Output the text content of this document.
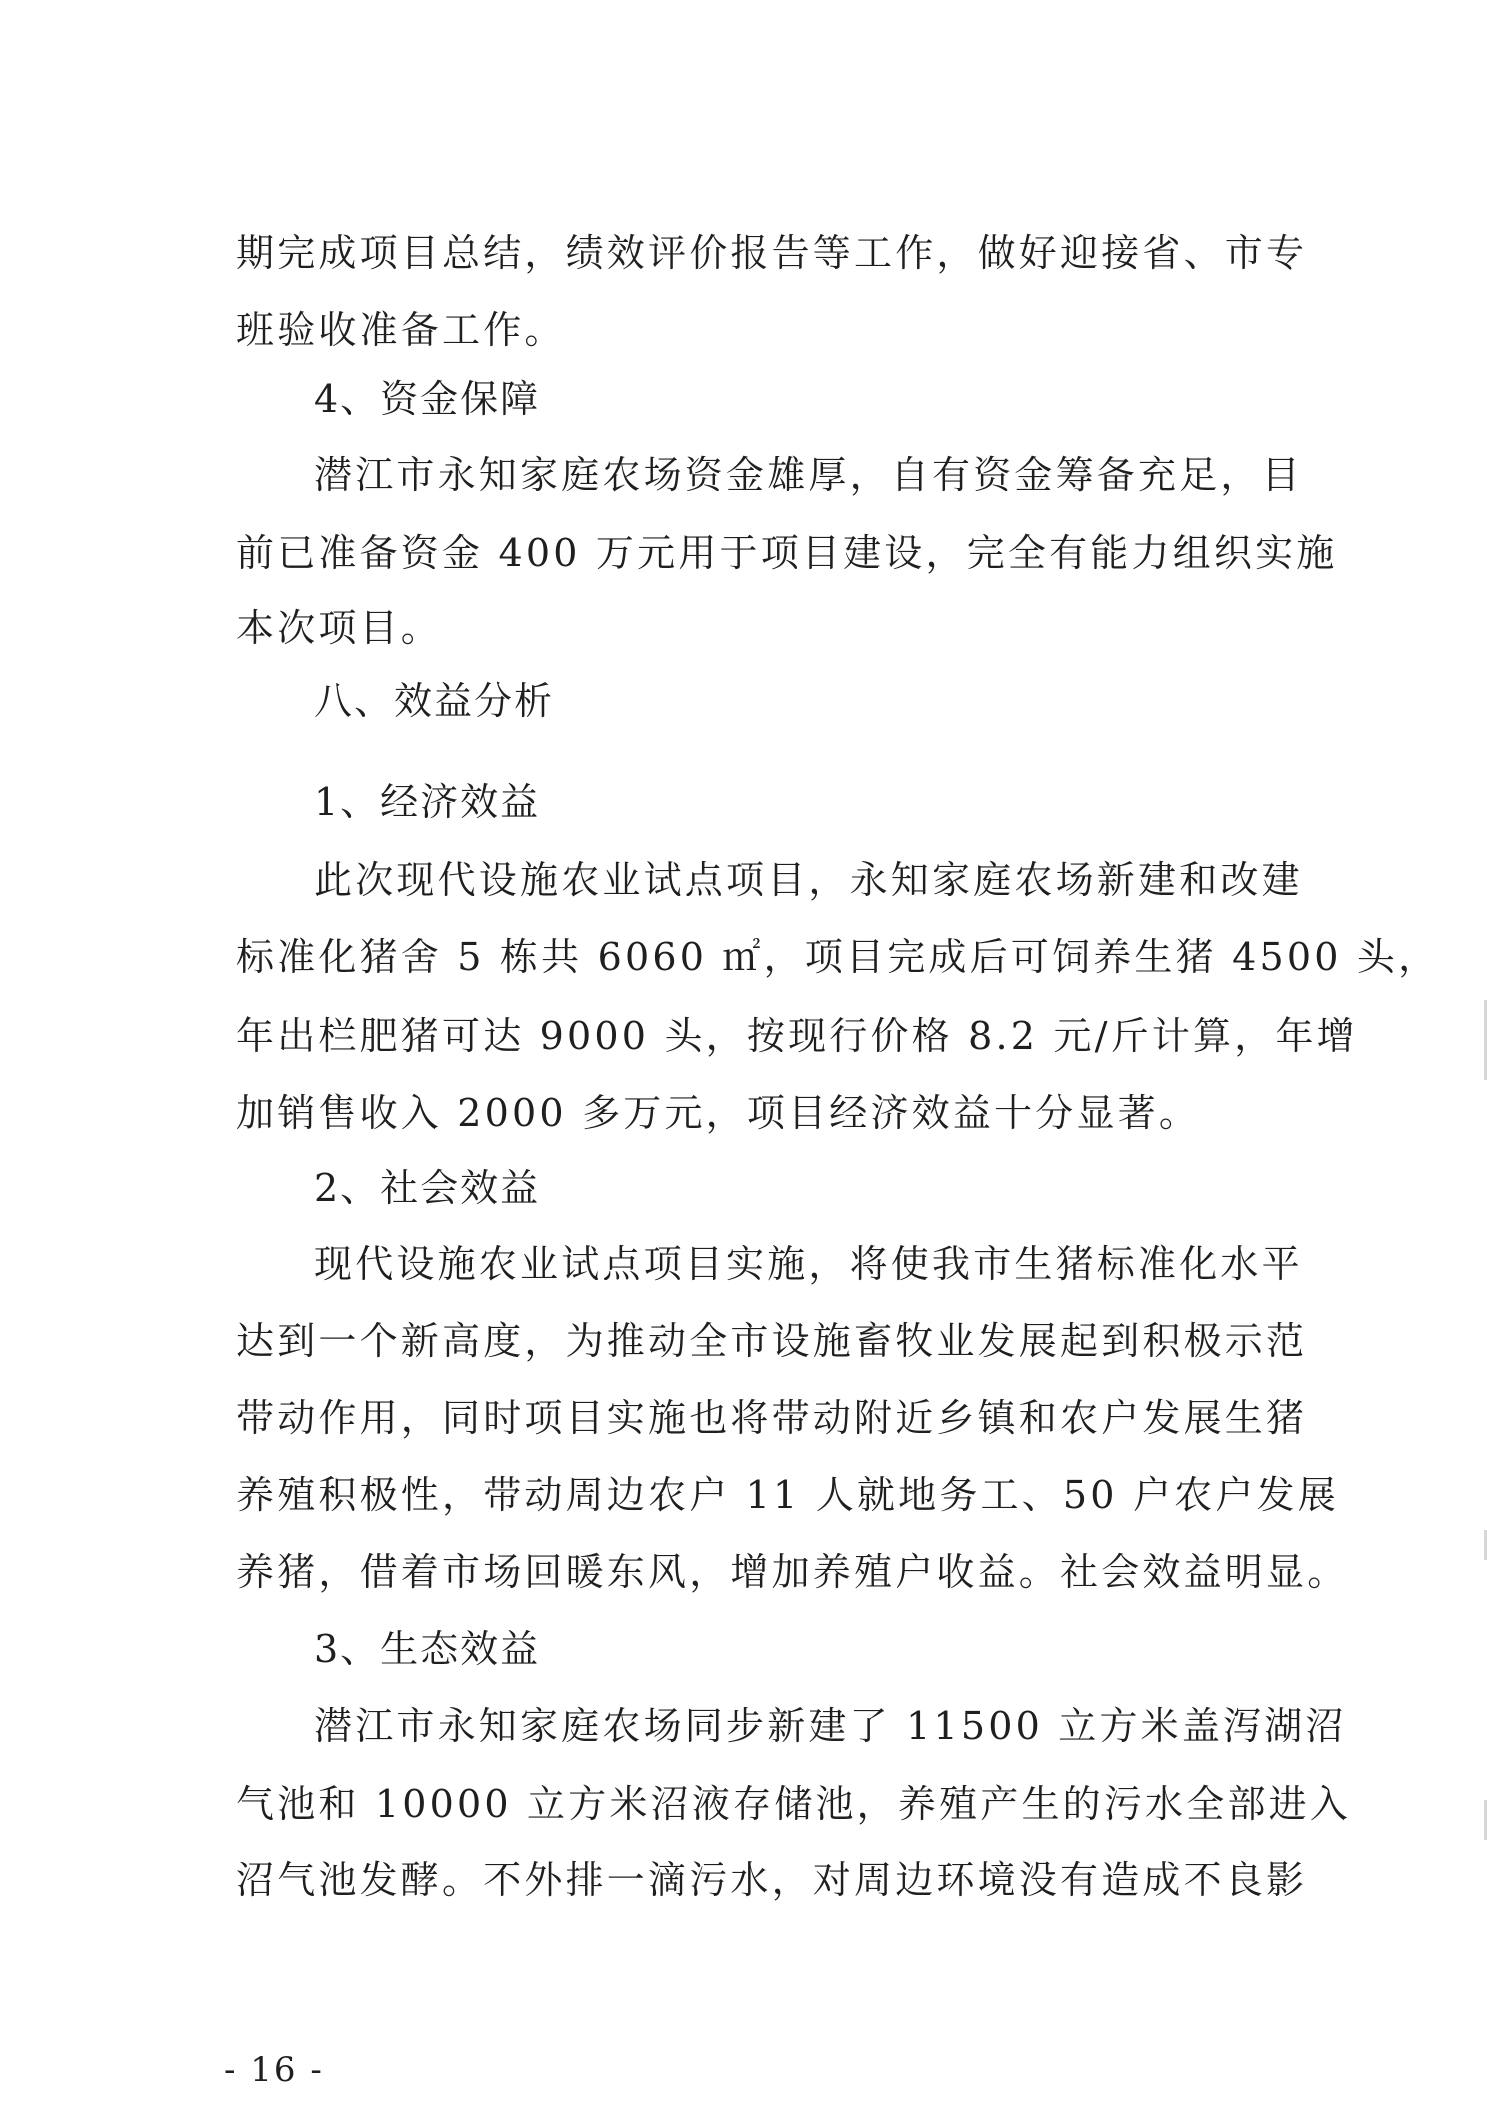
期完成项目总结，绩效评价报告等工作，做好迎接省、市专
班验收准备工作。
4、资金保障
潜江市永知家庭农场资金雄厚，自有资金筹备充足，目
前已准备资金 400 万元用于项目建设，完全有能力组织实施
本次项目。
八、效益分析
1、经济效益
此次现代设施农业试点项目，永知家庭农场新建和改建
标准化猪舍 5 栋共 6060 ㎡，项目完成后可饲养生猪 4500 头，
年出栏肥猪可达 9000 头，按现行价格 8.2 元/斤计算，年增
加销售收入 2000 多万元，项目经济效益十分显著。
2、社会效益
现代设施农业试点项目实施，将使我市生猪标准化水平
达到一个新高度，为推动全市设施畜牧业发展起到积极示范
带动作用，同时项目实施也将带动附近乡镇和农户发展生猪
养殖积极性，带动周边农户 11 人就地务工、50 户农户发展
养猪，借着市场回暖东风，增加养殖户收益。社会效益明显。
3、生态效益
潜江市永知家庭农场同步新建了 11500 立方米盖泻湖沼
气池和 10000 立方米沼液存储池，养殖产生的污水全部进入
沼气池发酵。不外排一滴污水，对周边环境没有造成不良影
- 16 -
